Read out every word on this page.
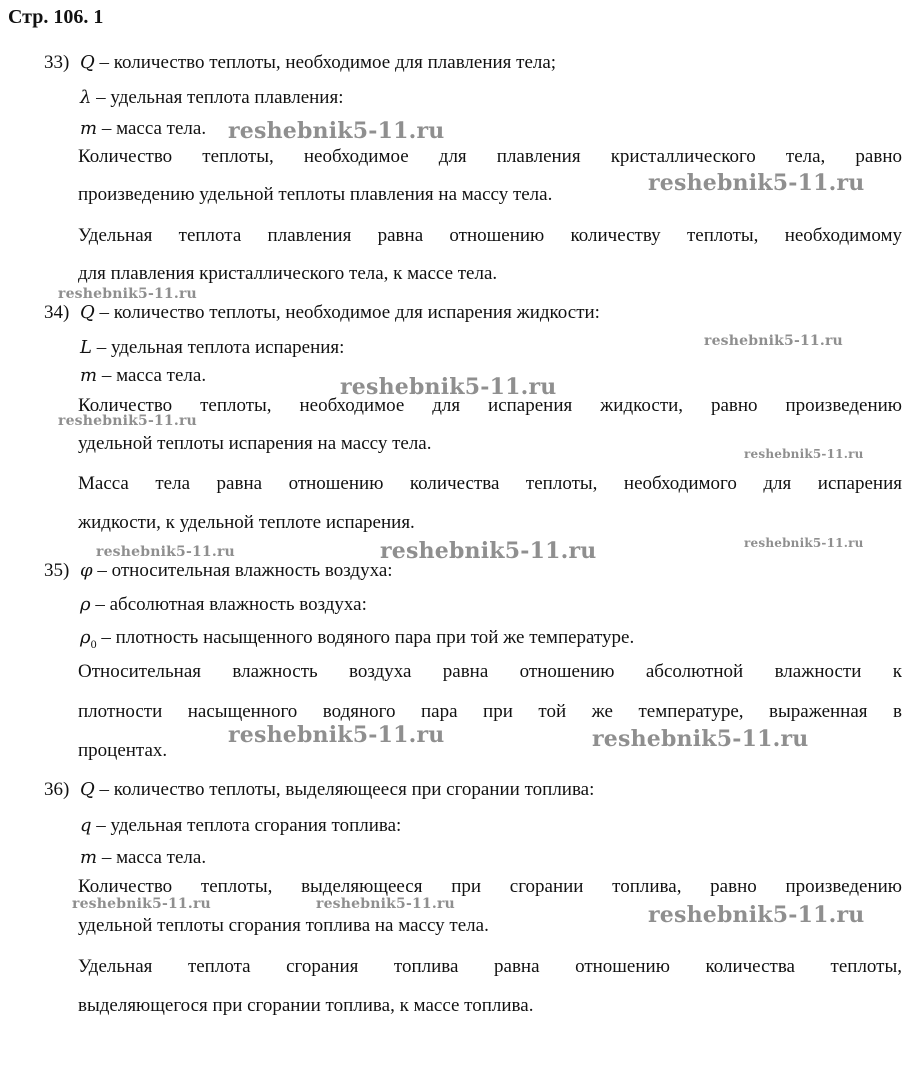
Стр. 106. 1
33) Q – количество теплоты, необходимое для плавления тела;
λ – удельная теплота плавления:
m – масса тела.
Количество теплоты, необходимое для плавления кристаллического тела, равно
произведению удельной теплоты плавления на массу тела.
Удельная теплота плавления равна отношению количеству теплоты, необходимому
для плавления кристаллического тела, к массе тела.
34) Q – количество теплоты, необходимое для испарения жидкости:
L – удельная теплота испарения:
m – масса тела.
Количество теплоты, необходимое для испарения жидкости, равно произведению
удельной теплоты испарения на массу тела.
Масса тела равна отношению количества теплоты, необходимого для испарения
жидкости, к удельной теплоте испарения.
35) φ – относительная влажность воздуха:
ρ – абсолютная влажность воздуха:
$\rho_0$ – плотность насыщенного водяного пара при той же температуре.
Относительная влажность воздуха равна отношению абсолютной влажности к
плотности насыщенного водяного пара при той же температуре, выраженная в
процентах.
36) Q – количество теплоты, выделяющееся при сгорании топлива:
q – удельная теплота сгорания топлива:
m – масса тела.
Количество теплоты, выделяющееся при сгорании топлива, равно произведению
удельной теплоты сгорания топлива на массу тела.
Удельная теплота сгорания топлива равна отношению количества теплоты,
выделяющегося при сгорании топлива, к массе топлива.
reshebnik5-11.ru
reshebnik5-11.ru
reshebnik5-11.ru
reshebnik5-11.ru
reshebnik5-11.ru
reshebnik5-11.ru
reshebnik5-11.ru
reshebnik5-11.ru	reshebnik5-11.ru	reshebnik5-11.ru
reshebnik5-11.ru	reshebnik5-11.ru
reshebnik5-11.ru	reshebnik5-11.ru	reshebnik5-11.ru
